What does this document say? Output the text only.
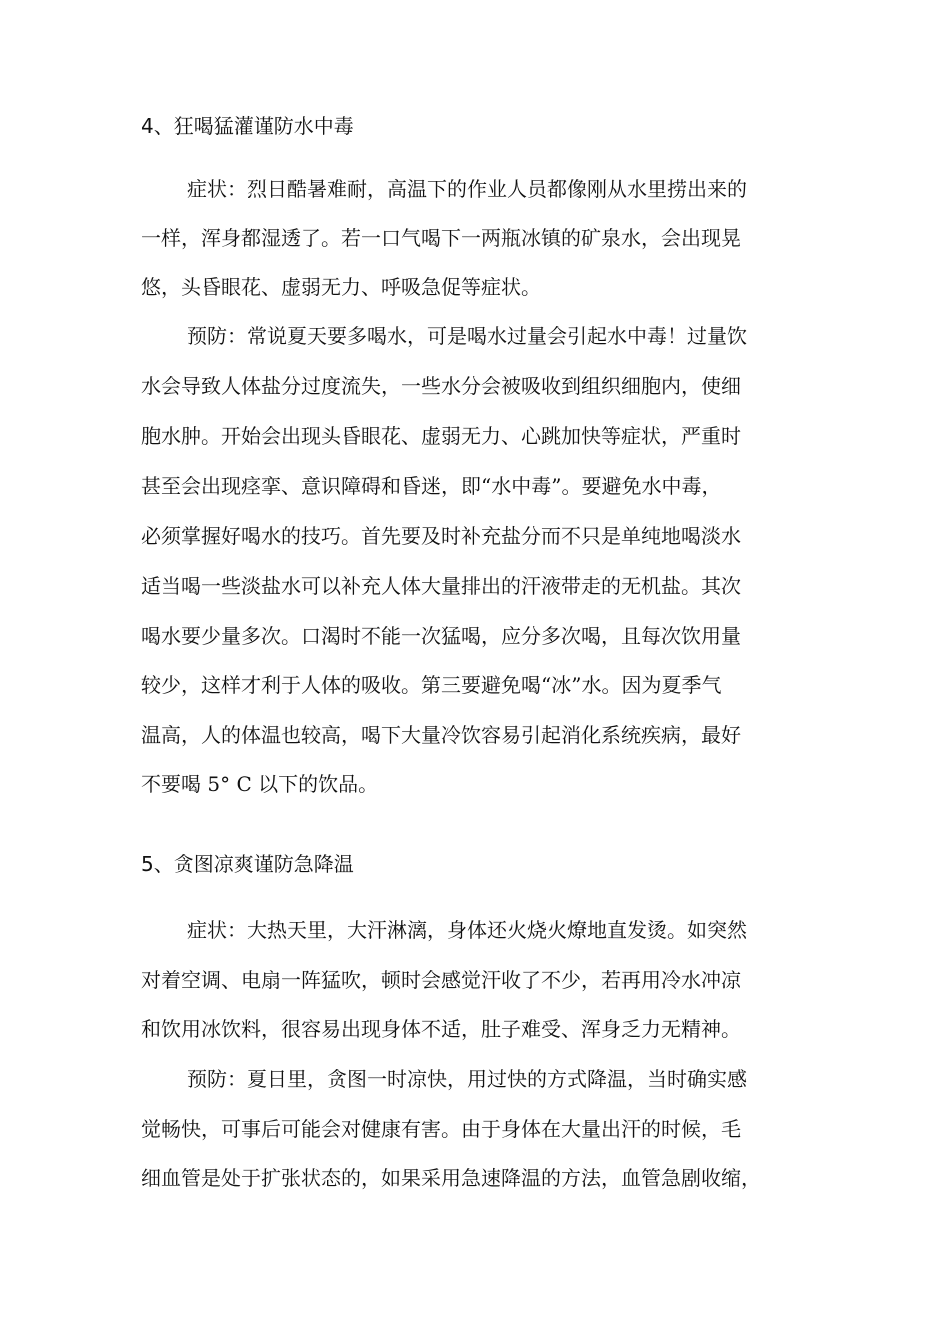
4、狂喝猛灌谨防水中毒
症状：烈日酷暑难耐，高温下的作业人员都像刚从水里捞出来的
一样，浑身都湿透了。若一口气喝下一两瓶冰镇的矿泉水，会出现晃
悠，头昏眼花、虚弱无力、呼吸急促等症状。
预防：常说夏天要多喝水，可是喝水过量会引起水中毒！过量饮
水会导致人体盐分过度流失，一些水分会被吸收到组织细胞内，使细
胞水肿。开始会出现头昏眼花、虚弱无力、心跳加快等症状，严重时
甚至会出现痉挛、意识障碍和昏迷，即“水中毒”。要避免水中毒，
必须掌握好喝水的技巧。首先要及时补充盐分而不只是单纯地喝淡水
适当喝一些淡盐水可以补充人体大量排出的汗液带走的无机盐。其次
喝水要少量多次。口渴时不能一次猛喝，应分多次喝，且每次饮用量
较少，这样才利于人体的吸收。第三要避免喝“冰”水。因为夏季气
温高，人的体温也较高，喝下大量冷饮容易引起消化系统疾病，最好
不要喝 5° C 以下的饮品。
5、贪图凉爽谨防急降温
症状：大热天里，大汗淋漓，身体还火烧火燎地直发烫。如突然
对着空调、电扇一阵猛吹，顿时会感觉汗收了不少，若再用冷水冲凉
和饮用冰饮料，很容易出现身体不适，肚子难受、浑身乏力无精神。
预防：夏日里，贪图一时凉快，用过快的方式降温，当时确实感
觉畅快，可事后可能会对健康有害。由于身体在大量出汗的时候，毛
细血管是处于扩张状态的，如果采用急速降温的方法，血管急剧收缩，
